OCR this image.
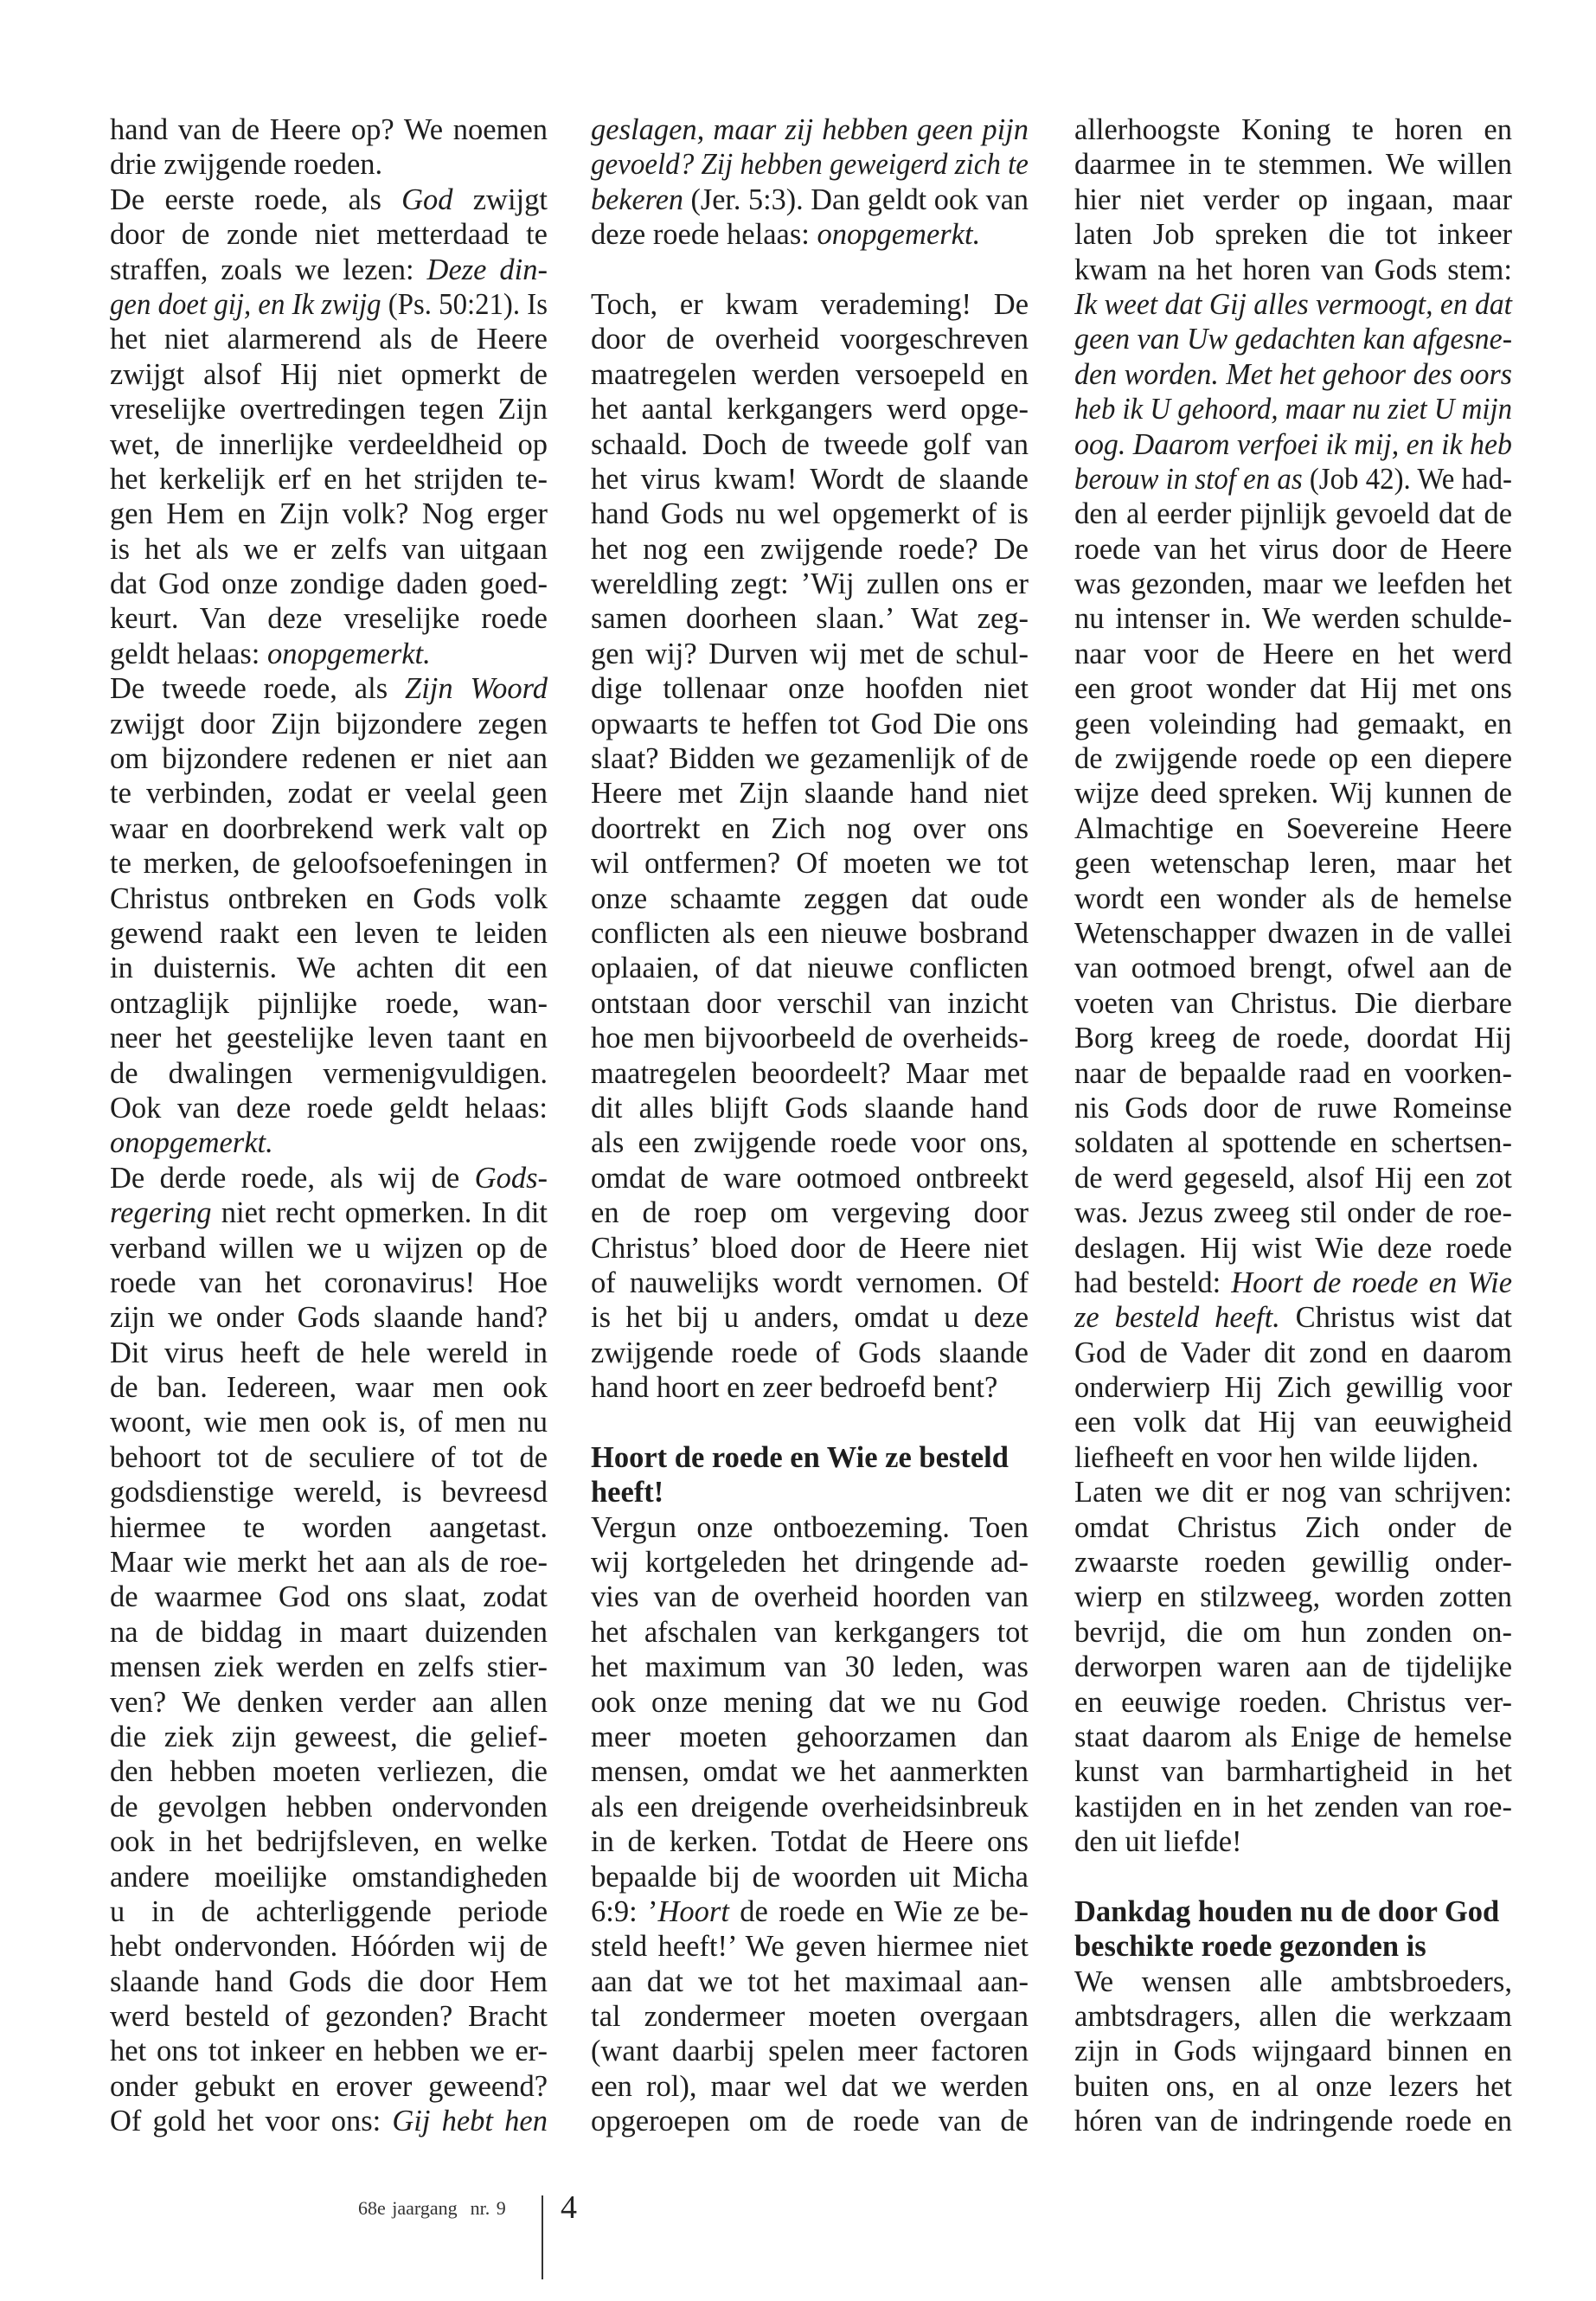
hand van de Heere op? We noemen
drie zwijgende roeden.
De eerste roede, als God zwijgt
door de zonde niet metterdaad te
straffen, zoals we lezen: Deze din-
gen doet gij, en Ik zwijg (Ps. 50:21). Is
het niet alarmerend als de Heere
zwijgt alsof Hij niet opmerkt de
vreselijke overtredingen tegen Zijn
wet, de innerlijke verdeeldheid op
het kerkelijk erf en het strijden te-
gen Hem en Zijn volk? Nog erger
is het als we er zelfs van uitgaan
dat God onze zondige daden goed-
keurt. Van deze vreselijke roede
geldt helaas: onopgemerkt.
De tweede roede, als Zijn Woord
zwijgt door Zijn bijzondere zegen
om bijzondere redenen er niet aan
te verbinden, zodat er veelal geen
waar en doorbrekend werk valt op
te merken, de geloofsoefeningen in
Christus ontbreken en Gods volk
gewend raakt een leven te leiden
in duisternis. We achten dit een
ontzaglijk pijnlijke roede, wan-
neer het geestelijke leven taant en
de dwalingen vermenigvuldigen.
Ook van deze roede geldt helaas:
onopgemerkt.
De derde roede, als wij de Gods-
regering niet recht opmerken. In dit
verband willen we u wijzen op de
roede van het coronavirus! Hoe
zijn we onder Gods slaande hand?
Dit virus heeft de hele wereld in
de ban. Iedereen, waar men ook
woont, wie men ook is, of men nu
behoort tot de seculiere of tot de
godsdienstige wereld, is bevreesd
hiermee te worden aangetast.
Maar wie merkt het aan als de roe-
de waarmee God ons slaat, zodat
na de biddag in maart duizenden
mensen ziek werden en zelfs stier-
ven? We denken verder aan allen
die ziek zijn geweest, die gelief-
den hebben moeten verliezen, die
de gevolgen hebben ondervonden
ook in het bedrijfsleven, en welke
andere moeilijke omstandigheden
u in de achterliggende periode
hebt ondervonden. Hóórden wij de
slaande hand Gods die door Hem
werd besteld of gezonden? Bracht
het ons tot inkeer en hebben we er-
onder gebukt en erover geweend?
Of gold het voor ons: Gij hebt hen
geslagen, maar zij hebben geen pijn
gevoeld? Zij hebben geweigerd zich te
bekeren (Jer. 5:3). Dan geldt ook van
deze roede helaas: onopgemerkt.
Toch, er kwam verademing! De
door de overheid voorgeschreven
maatregelen werden versoepeld en
het aantal kerkgangers werd opge-
schaald. Doch de tweede golf van
het virus kwam! Wordt de slaande
hand Gods nu wel opgemerkt of is
het nog een zwijgende roede? De
wereldling zegt: ’Wij zullen ons er
samen doorheen slaan.’ Wat zeg-
gen wij? Durven wij met de schul-
dige tollenaar onze hoofden niet
opwaarts te heffen tot God Die ons
slaat? Bidden we gezamenlijk of de
Heere met Zijn slaande hand niet
doortrekt en Zich nog over ons
wil ontfermen? Of moeten we tot
onze schaamte zeggen dat oude
conflicten als een nieuwe bosbrand
oplaaien, of dat nieuwe conflicten
ontstaan door verschil van inzicht
hoe men bijvoorbeeld de overheids-
maatregelen beoordeelt? Maar met
dit alles blijft Gods slaande hand
als een zwijgende roede voor ons,
omdat de ware ootmoed ontbreekt
en de roep om vergeving door
Christus’ bloed door de Heere niet
of nauwelijks wordt vernomen. Of
is het bij u anders, omdat u deze
zwijgende roede of Gods slaande
hand hoort en zeer bedroefd bent?
Hoort de roede en Wie ze besteld
heeft!
Vergun onze ontboezeming. Toen
wij kortgeleden het dringende ad-
vies van de overheid hoorden van
het afschalen van kerkgangers tot
het maximum van 30 leden, was
ook onze mening dat we nu God
meer moeten gehoorzamen dan
mensen, omdat we het aanmerkten
als een dreigende overheidsinbreuk
in de kerken. Totdat de Heere ons
bepaalde bij de woorden uit Micha
6:9: ’Hoort de roede en Wie ze be-
steld heeft!’ We geven hiermee niet
aan dat we tot het maximaal aan-
tal zondermeer moeten overgaan
(want daarbij spelen meer factoren
een rol), maar wel dat we werden
opgeroepen om de roede van de
allerhoogste Koning te horen en
daarmee in te stemmen. We willen
hier niet verder op ingaan, maar
laten Job spreken die tot inkeer
kwam na het horen van Gods stem:
Ik weet dat Gij alles vermoogt, en dat
geen van Uw gedachten kan afgesne-
den worden. Met het gehoor des oors
heb ik U gehoord, maar nu ziet U mijn
oog. Daarom verfoei ik mij, en ik heb
berouw in stof en as (Job 42). We had-
den al eerder pijnlijk gevoeld dat de
roede van het virus door de Heere
was gezonden, maar we leefden het
nu intenser in. We werden schulde-
naar voor de Heere en het werd
een groot wonder dat Hij met ons
geen voleinding had gemaakt, en
de zwijgende roede op een diepere
wijze deed spreken. Wij kunnen de
Almachtige en Soevereine Heere
geen wetenschap leren, maar het
wordt een wonder als de hemelse
Wetenschapper dwazen in de vallei
van ootmoed brengt, ofwel aan de
voeten van Christus. Die dierbare
Borg kreeg de roede, doordat Hij
naar de bepaalde raad en voorken-
nis Gods door de ruwe Romeinse
soldaten al spottende en schertsen-
de werd gegeseld, alsof Hij een zot
was. Jezus zweeg stil onder de roe-
deslagen. Hij wist Wie deze roede
had besteld: Hoort de roede en Wie
ze besteld heeft. Christus wist dat
God de Vader dit zond en daarom
onderwierp Hij Zich gewillig voor
een volk dat Hij van eeuwigheid
liefheeft en voor hen wilde lijden.
Laten we dit er nog van schrijven:
omdat Christus Zich onder de
zwaarste roeden gewillig onder-
wierp en stilzweeg, worden zotten
bevrijd, die om hun zonden on-
derworpen waren aan de tijdelijke
en eeuwige roeden. Christus ver-
staat daarom als Enige de hemelse
kunst van barmhartigheid in het
kastijden en in het zenden van roe-
den uit liefde!
Dankdag houden nu de door God
beschikte roede gezonden is
We wensen alle ambtsbroeders,
ambtsdragers, allen die werkzaam
zijn in Gods wijngaard binnen en
buiten ons, en al onze lezers het
hóren van de indringende roede en
68e jaargang  nr. 9 4
